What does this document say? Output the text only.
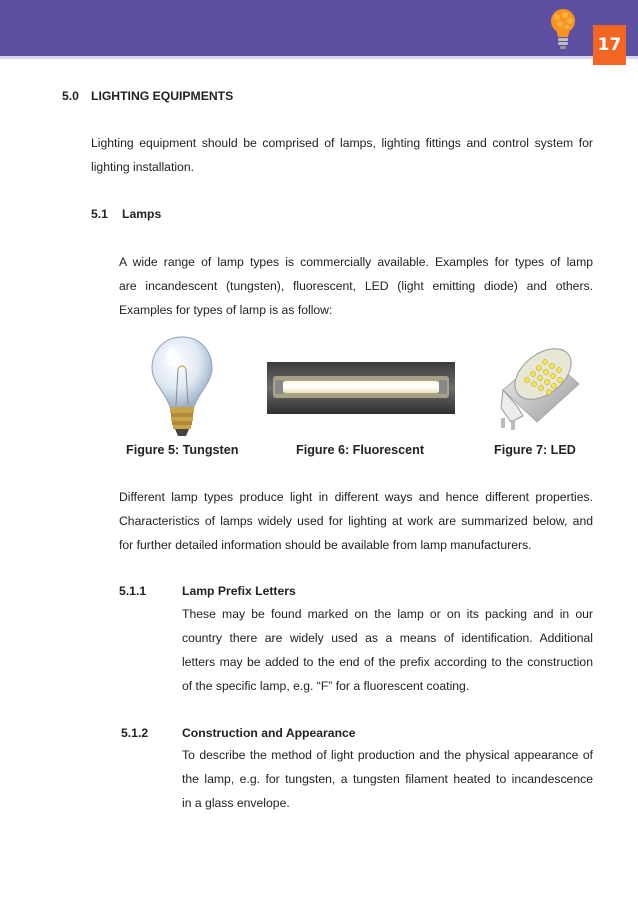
17
5.0 LIGHTING EQUIPMENTS
Lighting equipment should be comprised of lamps, lighting fittings and control system for
lighting installation.
5.1 Lamps
A wide range of lamp types is commercially available. Examples for types of lamp
are incandescent (tungsten), fluorescent, LED (light emitting diode) and others.
Examples for types of lamp is as follow:
Figure 5: Tungsten	Figure 6: Fluorescent	Figure 7: LED
Different lamp types produce light in different ways and hence different properties.
Characteristics of lamps widely used for lighting at work are summarized below, and
for further detailed information should be available from lamp manufacturers.
5.1.1	Lamp Prefix Letters
These may be found marked on the lamp or on its packing and in our
country there are widely used as a means of identification. Additional
letters may be added to the end of the prefix according to the construction
of the specific lamp, e.g. “F” for a fluorescent coating.
5.1.2	Construction and Appearance
To describe the method of light production and the physical appearance of
the lamp, e.g. for tungsten, a tungsten filament heated to incandescence
in a glass envelope.
